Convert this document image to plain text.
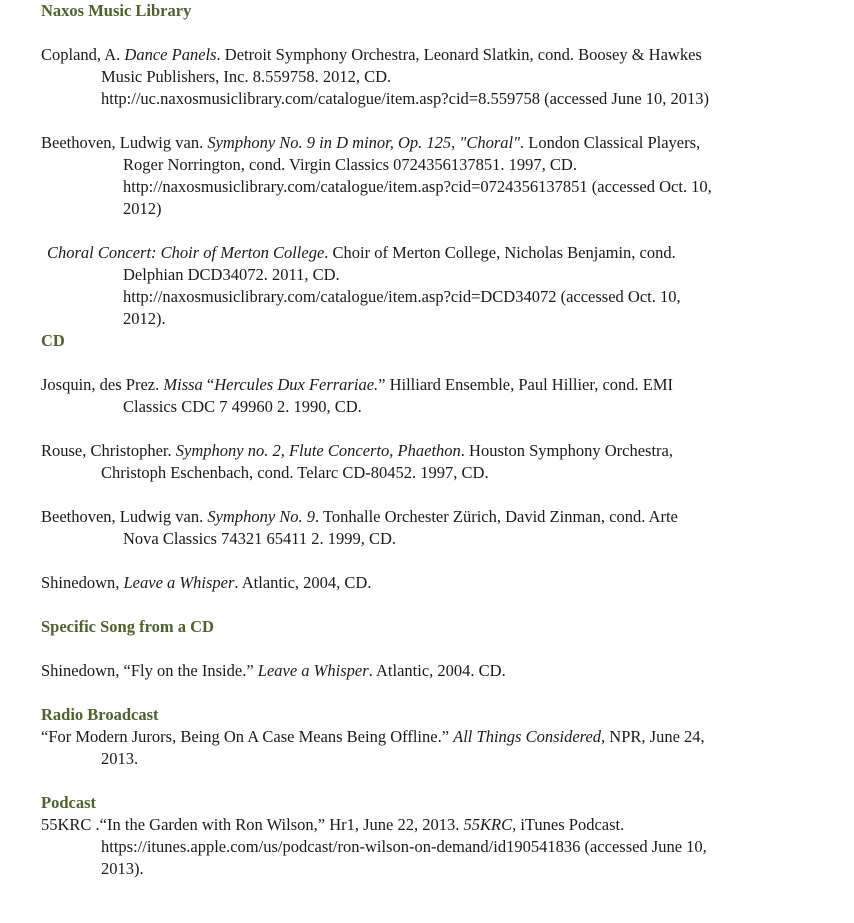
Naxos Music Library
Copland, A. Dance Panels. Detroit Symphony Orchestra, Leonard Slatkin, cond. Boosey & Hawkes
Music Publishers, Inc. 8.559758. 2012, CD.
http://uc.naxosmusiclibrary.com/catalogue/item.asp?cid=8.559758 (accessed June 10, 2013)
Beethoven, Ludwig van. Symphony No. 9 in D minor, Op. 125, "Choral". London Classical Players,
Roger Norrington, cond. Virgin Classics 0724356137851. 1997, CD.
http://naxosmusiclibrary.com/catalogue/item.asp?cid=0724356137851 (accessed Oct. 10,
2012)
Choral Concert: Choir of Merton College. Choir of Merton College, Nicholas Benjamin, cond.
Delphian DCD34072. 2011, CD.
http://naxosmusiclibrary.com/catalogue/item.asp?cid=DCD34072 (accessed Oct. 10,
2012).
CD
Josquin, des Prez. Missa “Hercules Dux Ferrariae.” Hilliard Ensemble, Paul Hillier, cond. EMI
Classics CDC 7 49960 2. 1990, CD.
Rouse, Christopher. Symphony no. 2, Flute Concerto, Phaethon. Houston Symphony Orchestra,
Christoph Eschenbach, cond. Telarc CD-80452. 1997, CD.
Beethoven, Ludwig van. Symphony No. 9. Tonhalle Orchester Zürich, David Zinman, cond. Arte
Nova Classics 74321 65411 2. 1999, CD.
Shinedown, Leave a Whisper. Atlantic, 2004, CD.
Specific Song from a CD
Shinedown, “Fly on the Inside.” Leave a Whisper. Atlantic, 2004. CD.
Radio Broadcast
“For Modern Jurors, Being On A Case Means Being Offline.” All Things Considered, NPR, June 24,
2013.
Podcast
55KRC .“In the Garden with Ron Wilson,” Hr1, June 22, 2013. 55KRC, iTunes Podcast.
https://itunes.apple.com/us/podcast/ron-wilson-on-demand/id190541836 (accessed June 10,
2013).
